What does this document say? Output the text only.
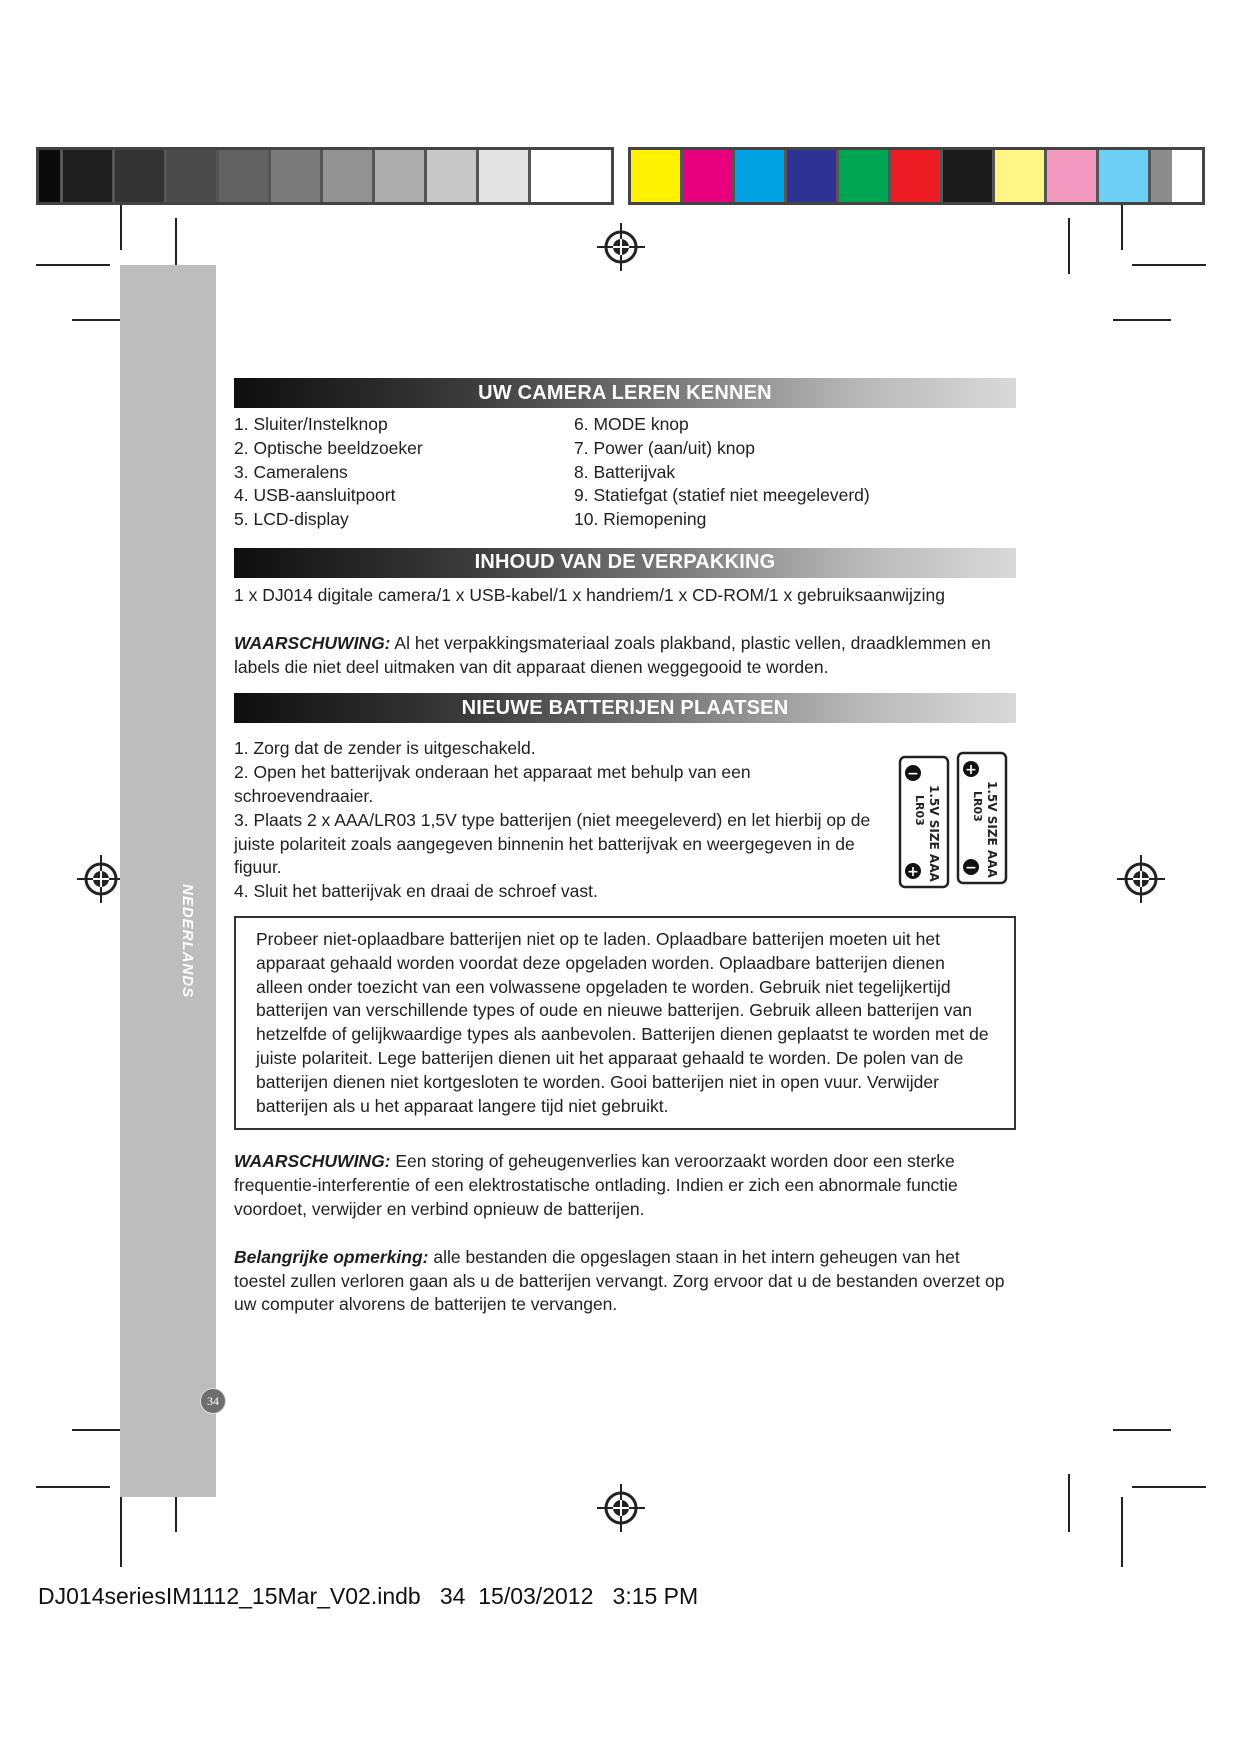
NEDERLANDS
34
UW CAMERA LEREN KENNEN
1. Sluiter/Instelknop
2. Optische beeldzoeker
3. Cameralens
4. USB-aansluitpoort
5. LCD-display
6. MODE knop
7. Power (aan/uit) knop
8. Batterijvak
9. Statiefgat (statief niet meegeleverd)
10. Riemopening
INHOUD VAN DE VERPAKKING

1 x DJ014 digitale camera/1 x USB-kabel/1 x handriem/1 x CD-ROM/1 x gebruiksaanwijzing

WAARSCHUWING: Al het verpakkingsmateriaal zoals plakband, plastic vellen, draadklemmen en labels die niet deel uitmaken van dit apparaat dienen weggegooid te worden.

NIEUWE BATTERIJEN PLAATSEN

1. Zorg dat de zender is uitgeschakeld.

2. Open het batterijvak onderaan het apparaat met behulp van een schroevendraaier.

3. Plaats 2 x AAA/LR03 1,5V type batterijen (niet meegeleverd) en let hierbij op de juiste polariteit zoals aangegeven binnenin het batterijvak en weergegeven in de figuur.

4. Sluit het batterijvak en draai de schroef vast.

−
+ 1.5V SIZE AAA
LR03
+
− 1.5V SIZE AAA
LR03

Probeer niet-oplaadbare batterijen niet op te laden. Oplaadbare batterijen moeten uit het apparaat gehaald worden voordat deze opgeladen worden. Oplaadbare batterijen dienen alleen onder toezicht van een volwassene opgeladen te worden. Gebruik niet tegelijkertijd batterijen van verschillende types of oude en nieuwe batterijen. Gebruik alleen batterijen van hetzelfde of gelijkwaardige types als aanbevolen. Batterijen dienen geplaatst te worden met de juiste polariteit. Lege batterijen dienen uit het apparaat gehaald te worden. De polen van de batterijen dienen niet kortgesloten te worden. Gooi batterijen niet in open vuur. Verwijder batterijen als u het apparaat langere tijd niet gebruikt.

WAARSCHUWING: Een storing of geheugenverlies kan veroorzaakt worden door een sterke frequentie-interferentie of een elektrostatische ontlading. Indien er zich een abnormale functie voordoet, verwijder en verbind opnieuw de batterijen.

Belangrijke opmerking: alle bestanden die opgeslagen staan in het intern geheugen van het toestel zullen verloren gaan als u de batterijen vervangt. Zorg ervoor dat u de bestanden overzet op uw computer alvorens de batterijen te vervangen.

DJ014seriesIM1112_15Mar_V02.indb   34  15/03/2012   3:15 PM
